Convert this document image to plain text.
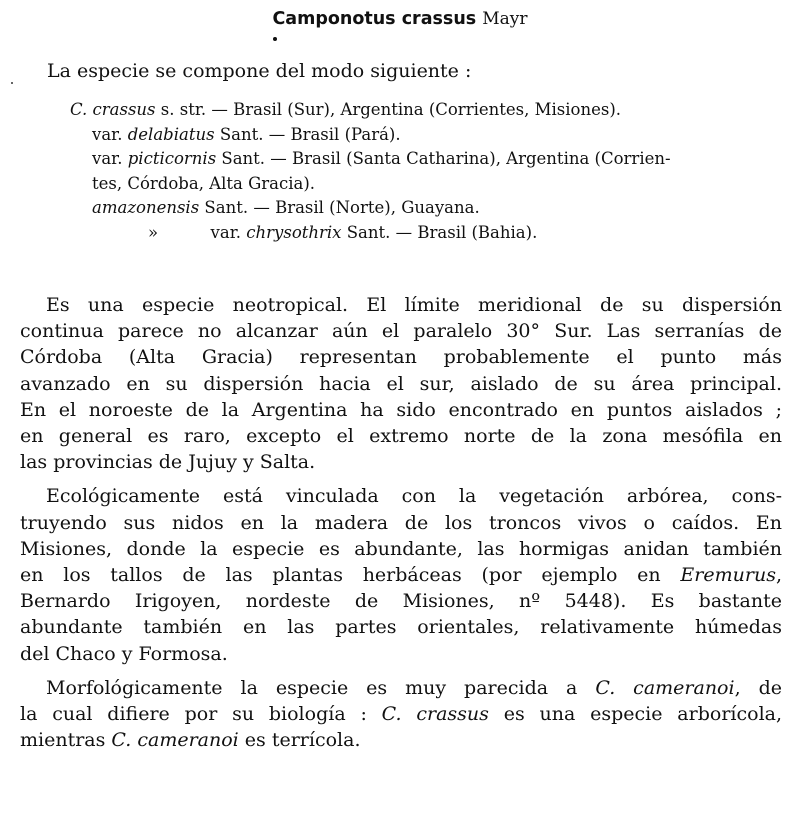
Camponotus crassus Mayr
La especie se compone del modo siguiente :
C. crassus s. str. — Brasil (Sur), Argentina (Corrientes, Misiones).
var. delabiatus Sant. — Brasil (Pará).
var. picticornis Sant. — Brasil (Santa Catharina), Argentina (Corrien-
tes, Córdoba, Alta Gracia).
amazonensis Sant. — Brasil (Norte), Guayana.
»          var. chrysothrix Sant. — Brasil (Bahia).
Es una especie neotropical. El límite meridional de su dispersión
continua parece no alcanzar aún el paralelo 30° Sur. Las serranías de
Córdoba (Alta Gracia) representan probablemente el punto más
avanzado en su dispersión hacia el sur, aislado de su área principal.
En el noroeste de la Argentina ha sido encontrado en puntos aislados ;
en general es raro, excepto el extremo norte de la zona mesófila en
las provincias de Jujuy y Salta.
Ecológicamente está vinculada con la vegetación arbórea, cons-
truyendo sus nidos en la madera de los troncos vivos o caídos. En
Misiones, donde la especie es abundante, las hormigas anidan también
en los tallos de las plantas herbáceas (por ejemplo en Eremurus,
Bernardo Irigoyen, nordeste de Misiones, nº 5448). Es bastante
abundante también en las partes orientales, relativamente húmedas
del Chaco y Formosa.
Morfológicamente la especie es muy parecida a C. cameranoi, de
la cual difiere por su biología : C. crassus es una especie arborícola,
mientras C. cameranoi es terrícola.
